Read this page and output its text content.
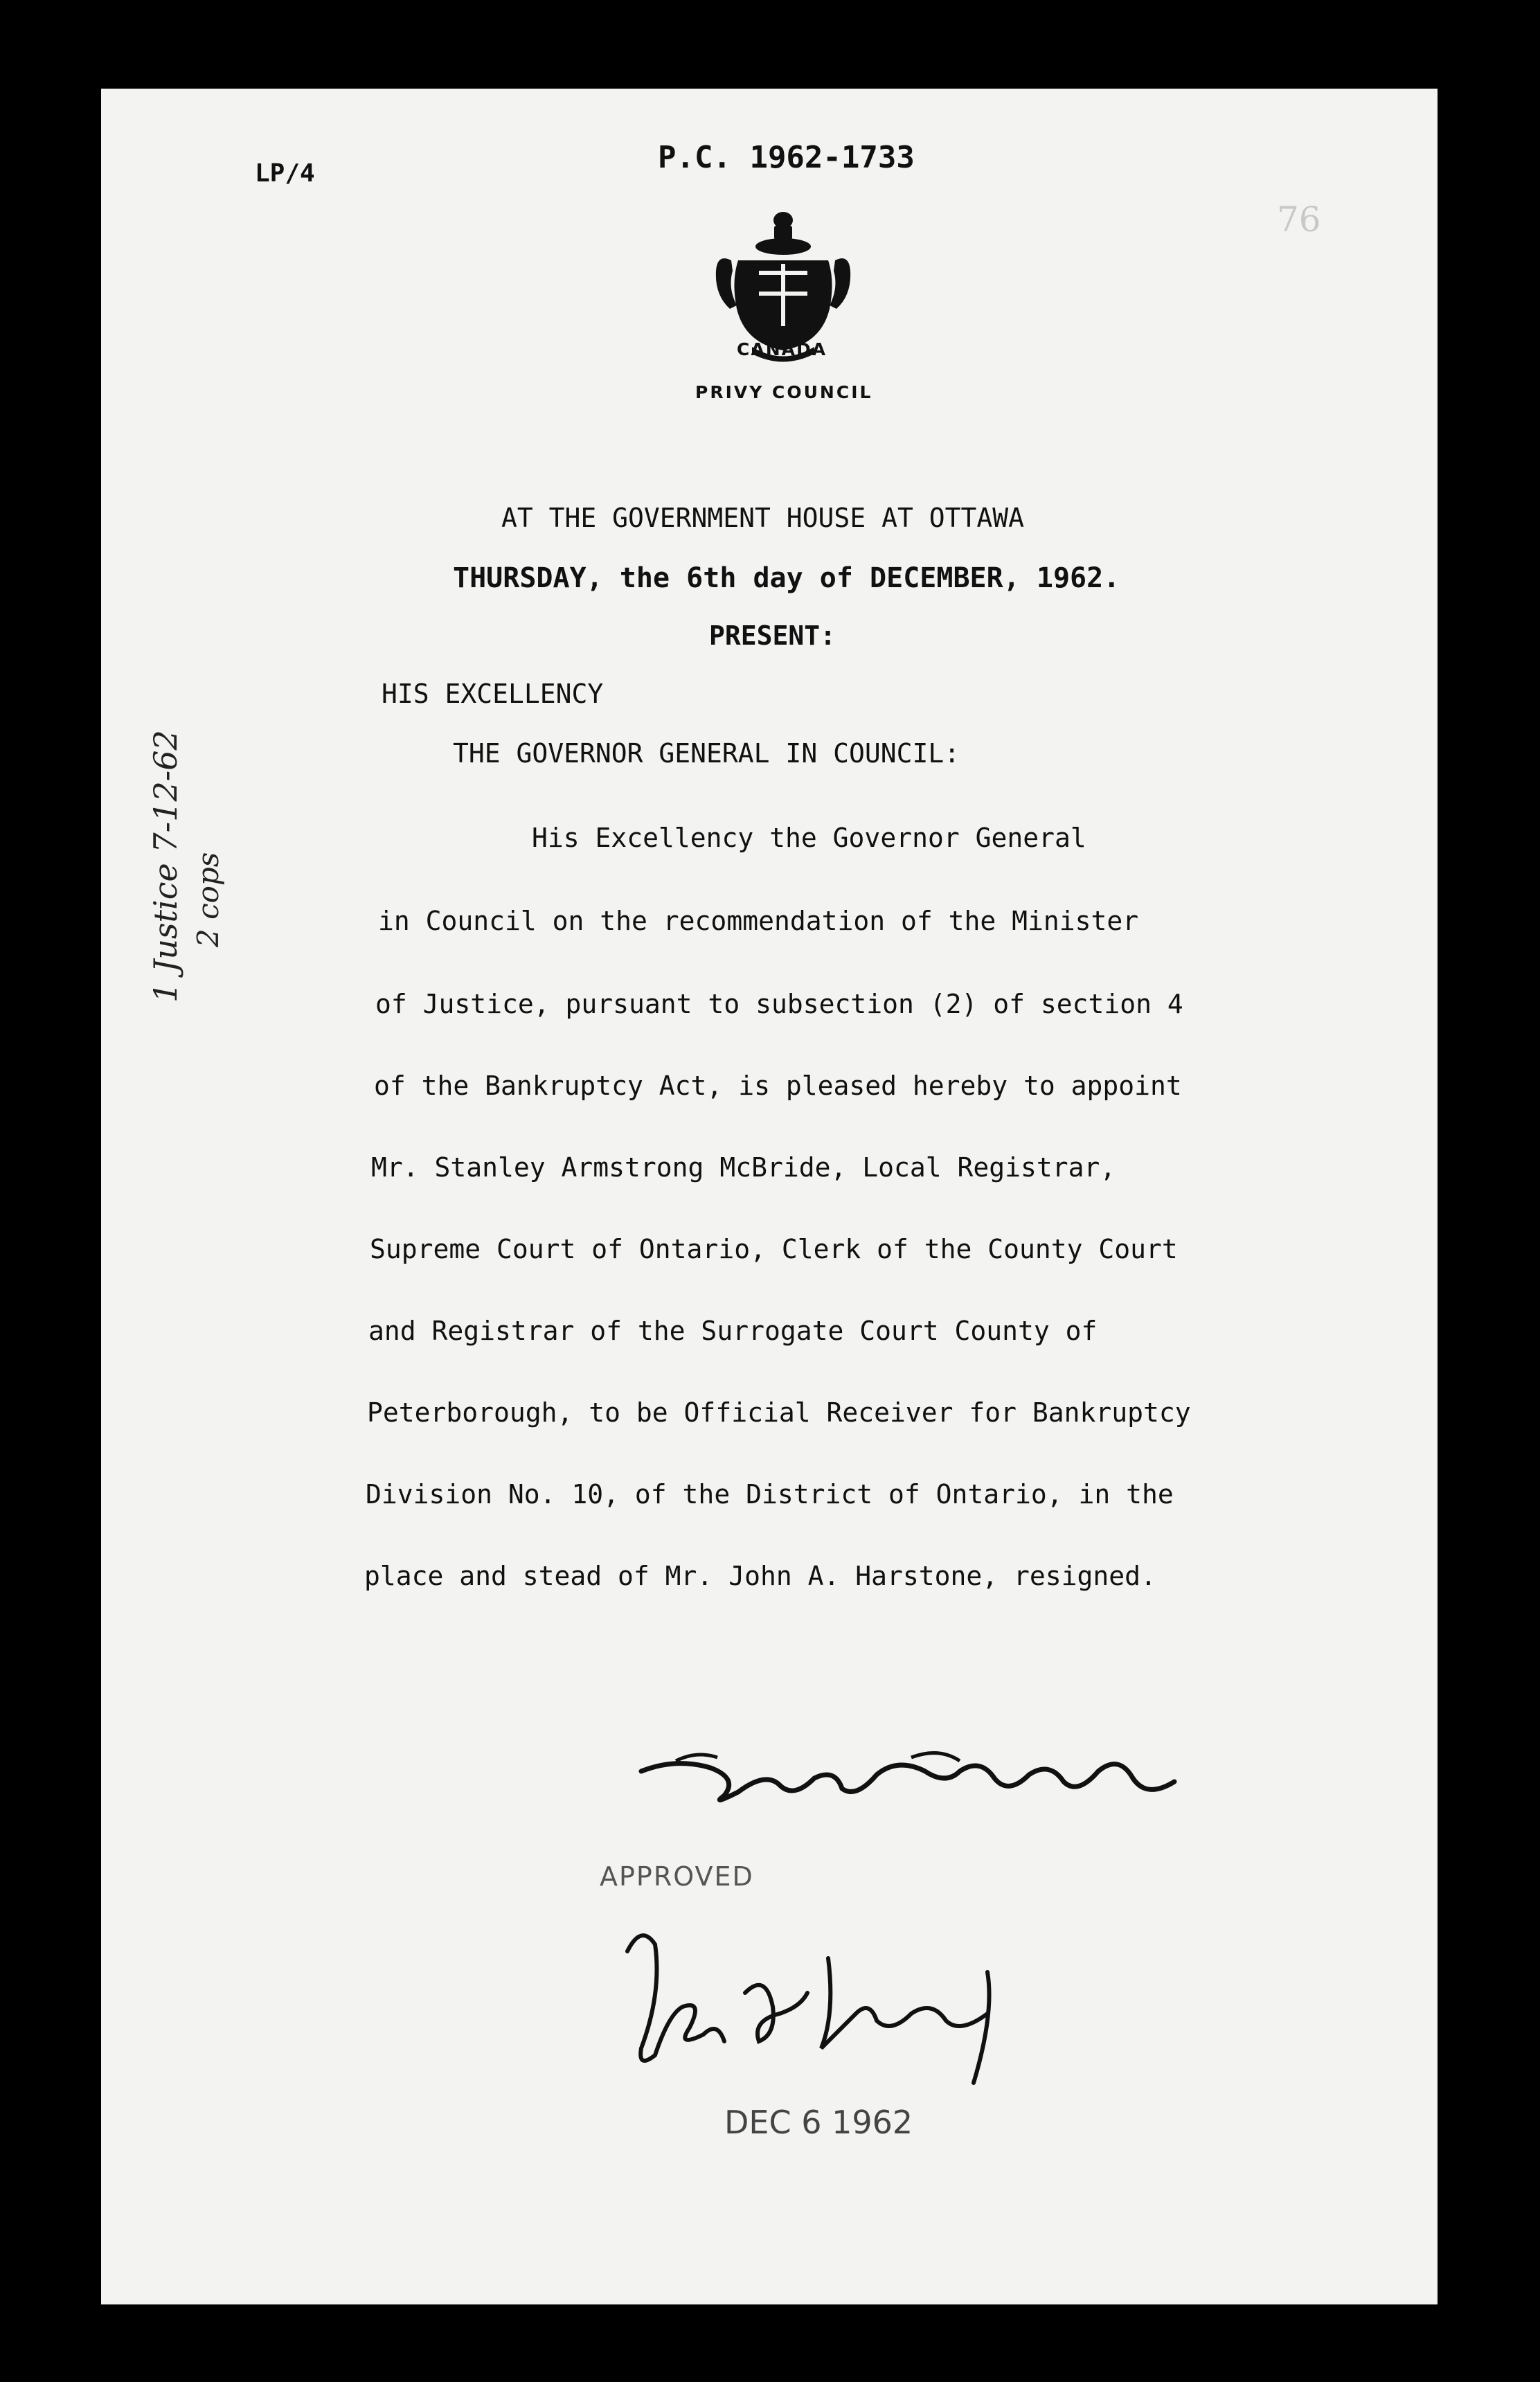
LP/4	P.C. 1962-1733
76
CANADA
PRIVY COUNCIL
AT THE GOVERNMENT HOUSE AT OTTAWA
THURSDAY, the 6th day of DECEMBER, 1962.
PRESENT:
HIS EXCELLENCY
THE GOVERNOR GENERAL IN COUNCIL:
His Excellency the Governor General
in Council on the recommendation of the Minister
of Justice, pursuant to subsection (2) of section 4
of the Bankruptcy Act, is pleased hereby to appoint
Mr. Stanley Armstrong McBride, Local Registrar,
Supreme Court of Ontario, Clerk of the County Court
and Registrar of the Surrogate Court County of
Peterborough, to be Official Receiver for Bankruptcy
Division No. 10, of the District of Ontario, in the
place and stead of Mr. John A. Harstone, resigned.
APPROVED
DEC 6 1962
1 Justice 7-12-62 2 cops
